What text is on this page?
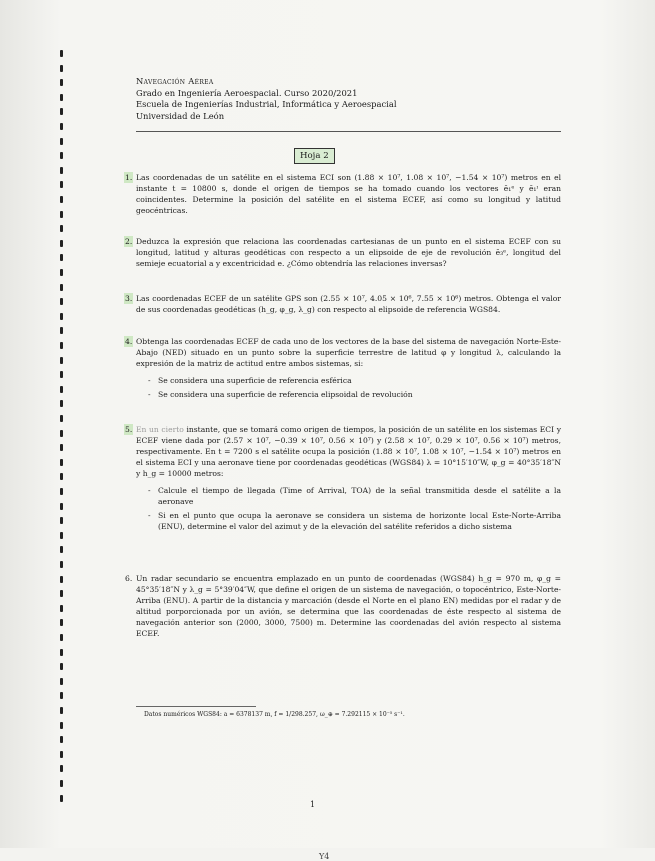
Navegación Aérea
Grado en Ingeniería Aeroespacial. Curso 2020/2021
Escuela de Ingenierías Industrial, Informática y Aeroespacial
Universidad de León
Hoja 2
1. Las coordenadas de un satélite en el sistema ECI son (1.88 × 10⁷, 1.08 × 10⁷, −1.54 × 10⁷) metros en el instante t = 10800 s, donde el origen de tiempos se ha tomado cuando los vectores ē₁ᵉ y ē₁ᶦ eran coincidentes. Determine la posición del satélite en el sistema ECEF, así como su longitud y latitud geocéntricas.
2. Deduzca la expresión que relaciona las coordenadas cartesianas de un punto en el sistema ECEF con su longitud, latitud y alturas geodéticas con respecto a un elipsoide de eje de revolución ē₃ᵉ, longitud del semieje ecuatorial a y excentricidad e. ¿Cómo obtendría las relaciones inversas?
3. Las coordenadas ECEF de un satélite GPS son (2.55 × 10⁷, 4.05 × 10⁶, 7.55 × 10⁶) metros. Obtenga el valor de sus coordenadas geodéticas (h_g, φ_g, λ_g) con respecto al elipsoide de referencia WGS84.
4. Obtenga las coordenadas ECEF de cada uno de los vectores de la base del sistema de navegación Norte-Este-Abajo (NED) situado en un punto sobre la superficie terrestre de latitud φ y longitud λ, calculando la expresión de la matriz de actitud entre ambos sistemas, si:
- Se considera una superficie de referencia esférica
- Se considera una superficie de referencia elipsoidal de revolución
5. En un cierto instante, que se tomará como origen de tiempos, la posición de un satélite en los sistemas ECI y ECEF viene dada por (2.57 × 10⁷, −0.39 × 10⁷, 0.56 × 10⁷) y (2.58 × 10⁷, 0.29 × 10⁷, 0.56 × 10⁷) metros, respectivamente. En t = 7200 s el satélite ocupa la posición (1.88 × 10⁷, 1.08 × 10⁷, −1.54 × 10⁷) metros en el sistema ECI y una aeronave tiene por coordenadas geodéticas (WGS84) λ = 10°15′10″W, φ_g = 40°35′18″N y h_g = 10000 metros:
- Calcule el tiempo de llegada (Time of Arrival, TOA) de la señal transmitida desde el satélite a la aeronave
- Si en el punto que ocupa la aeronave se considera un sistema de horizonte local Este-Norte-Arriba (ENU), determine el valor del azimut y de la elevación del satélite referidos a dicho sistema
6. Un radar secundario se encuentra emplazado en un punto de coordenadas (WGS84) h_g = 970 m, φ_g = 45°35′18″N y λ_g = 5°39′04″W, que define el origen de un sistema de navegación, o topocéntrico, Este-Norte-Arriba (ENU). A partir de la distancia y marcación (desde el Norte en el plano EN) medidas por el radar y de altitud porporcionada por un avión, se determina que las coordenadas de éste respecto al sistema de navegación anterior son (2000, 3000, 7500) m. Determine las coordenadas del avión respecto al sistema ECEF.
Datos numéricos WGS84: a = 6378137 m, f = 1/298.257, ω_⊕ = 7.292115 × 10⁻⁵ s⁻¹.
1
Y4
